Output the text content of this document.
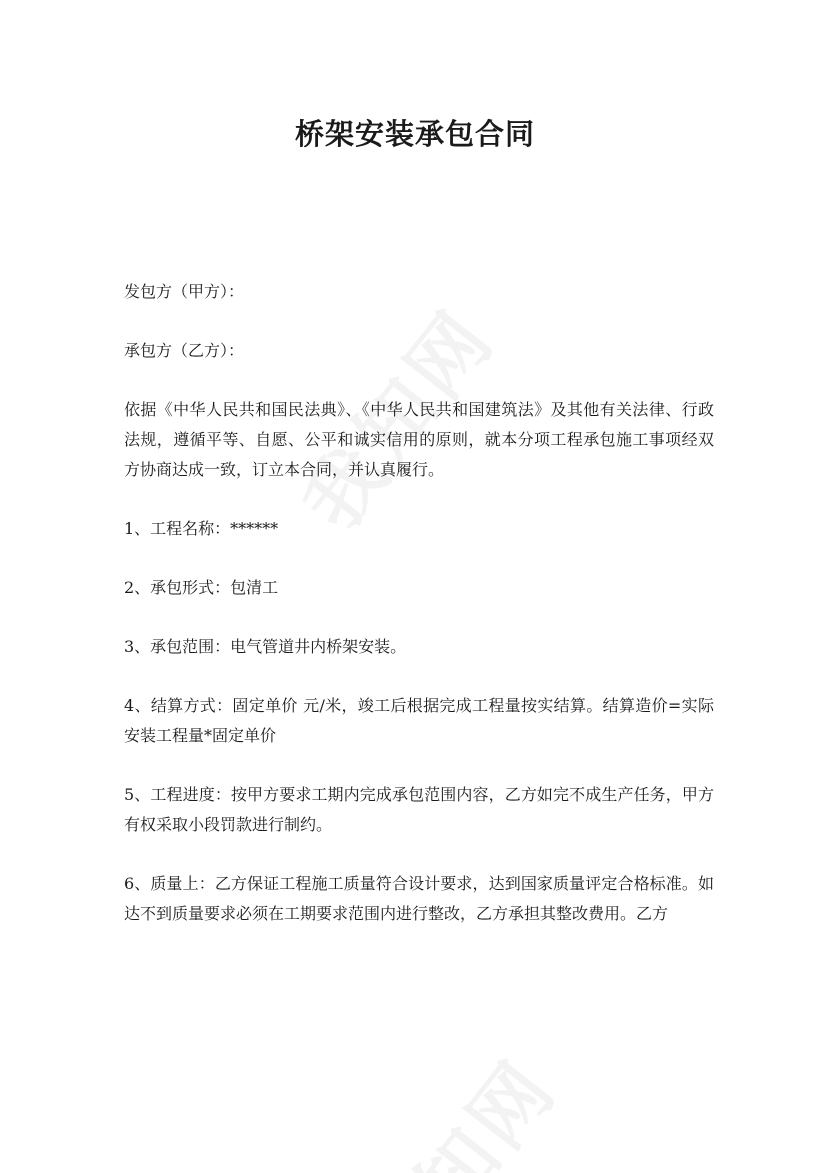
桥架安装承包合同

发包方（甲方）：

承包方（乙方）：

依据《中华人民共和国民法典》、《中华人民共和国建筑法》及其他有关法律、行政法规，遵循平等、自愿、公平和诚实信用的原则，就本分项工程承包施工事项经双方协商达成一致，订立本合同，并认真履行。

1、工程名称：******

2、承包形式：包清工

3、承包范围：电气管道井内桥架安装。

4、结算方式：固定单价 元/米，竣工后根据完成工程量按实结算。结算造价=实际安装工程量*固定单价

5、工程进度：按甲方要求工期内完成承包范围内容，乙方如完不成生产任务，甲方有权采取小段罚款进行制约。

6、质量上：乙方保证工程施工质量符合设计要求，达到国家质量评定合格标准。如达不到质量要求必须在工期要求范围内进行整改，乙方承担其整改费用。乙方
